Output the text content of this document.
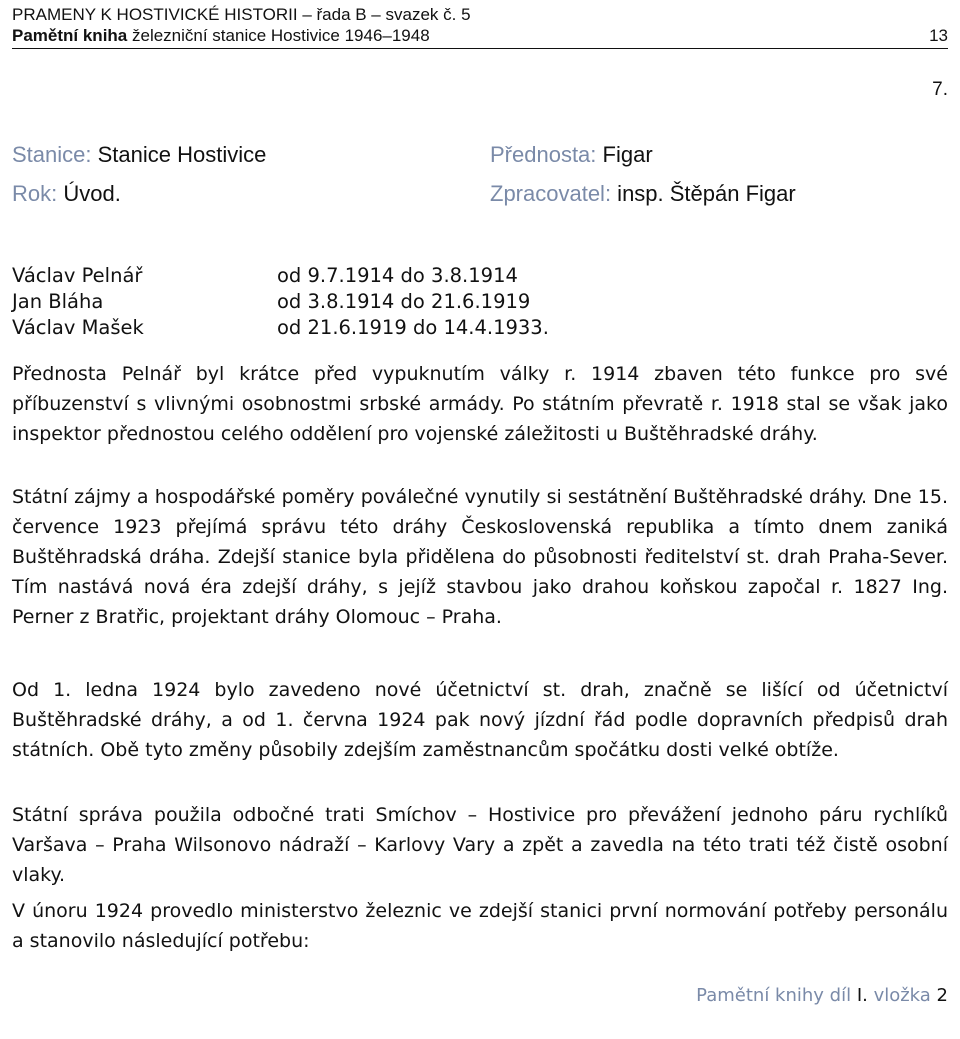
PRAMENY K HOSTIVICKÉ HISTORII – řada B – svazek č. 5
Pamětní kniha železniční stanice Hostivice 1946–1948	13
7.
Stanice: Stanice Hostivice
Rok: Úvod.
Přednosta: Figar
Zpracovatel: insp. Štěpán Figar
Václav Pelnář	od 9.7.1914 do 3.8.1914
Jan Bláha	od 3.8.1914 do 21.6.1919
Václav Mašek	od 21.6.1919 do 14.4.1933.

Přednosta Pelnář byl krátce před vypuknutím války r. 1914 zbaven této funkce pro své příbuzenství s vlivnými osobnostmi srbské armády. Po státním převratě r. 1918 stal se však jako inspektor přednostou celého oddělení pro vojenské záležitosti u Buštěhradské dráhy.

Státní zájmy a hospodářské poměry poválečné vynutily si sestátnění Buštěhradské dráhy. Dne 15. července 1923 přejímá správu této dráhy Československá republika a tímto dnem zaniká Buštěhradská dráha. Zdejší stanice byla přidělena do působnosti ředitelství st. drah Praha-Sever. Tím nastává nová éra zdejší dráhy, s jejíž stavbou jako drahou koňskou započal r. 1827 Ing. Perner z Bratřic, projektant dráhy Olomouc – Praha.

Od 1. ledna 1924 bylo zavedeno nové účetnictví st. drah, značně se lišící od účetnictví Buštěhradské dráhy, a od 1. června 1924 pak nový jízdní řád podle dopravních předpisů drah státních. Obě tyto změny působily zdejším zaměstnancům spočátku dosti velké obtíže.

Státní správa použila odbočné trati Smíchov – Hostivice pro převážení jednoho páru rychlíků Varšava – Praha Wilsonovo nádraží – Karlovy Vary a zpět a zavedla na této trati též čistě osobní vlaky.

V únoru 1924 provedlo ministerstvo železnic ve zdejší stanici první normování potřeby personálu a stanovilo následující potřebu:

Pamětní knihy díl I. vložka 2
